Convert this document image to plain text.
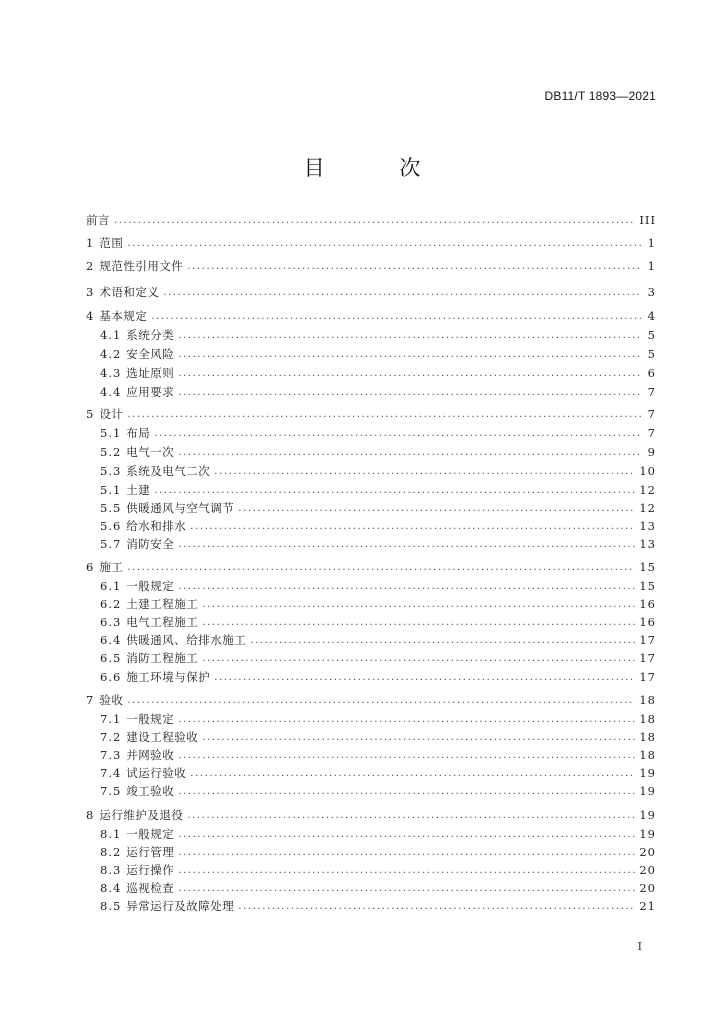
DB11/T 1893—2021
目 次
前言 .....	III
1 范围 .....	1
2 规范性引用文件 .....	1
3 术语和定义 .....	3
4 基本规定 .....	4
4.1 系统分类 .....	5
4.2 安全风险 .....	5
4.3 选址原则 .....	6
4.4 应用要求 .....	7
5 设计 .....	7
5.1 布局 .....	7
5.2 电气一次 .....	9
5.3 系统及电气二次 .....	10
5.1 土建 .....	12
5.5 供暖通风与空气调节 .....	12
5.6 给水和排水 .....	13
5.7 消防安全 .....	13
6 施工 .....	15
6.1 一般规定 .....	15
6.2 土建工程施工 .....	16
6.3 电气工程施工 .....	16
6.4 供暖通风、给排水施工 .....	17
6.5 消防工程施工 .....	17
6.6 施工环境与保护 .....	17
7 验收 .....	18
7.1 一般规定 .....	18
7.2 建设工程验收 .....	18
7.3 并网验收 .....	18
7.4 试运行验收 .....	19
7.5 竣工验收 .....	19
8 运行维护及退役 .....	19
8.1 一般规定 .....	19
8.2 运行管理 .....	20
8.3 运行操作 .....	20
8.4 巡视检查 .....	20
8.5 异常运行及故障处理 .....	21
I
